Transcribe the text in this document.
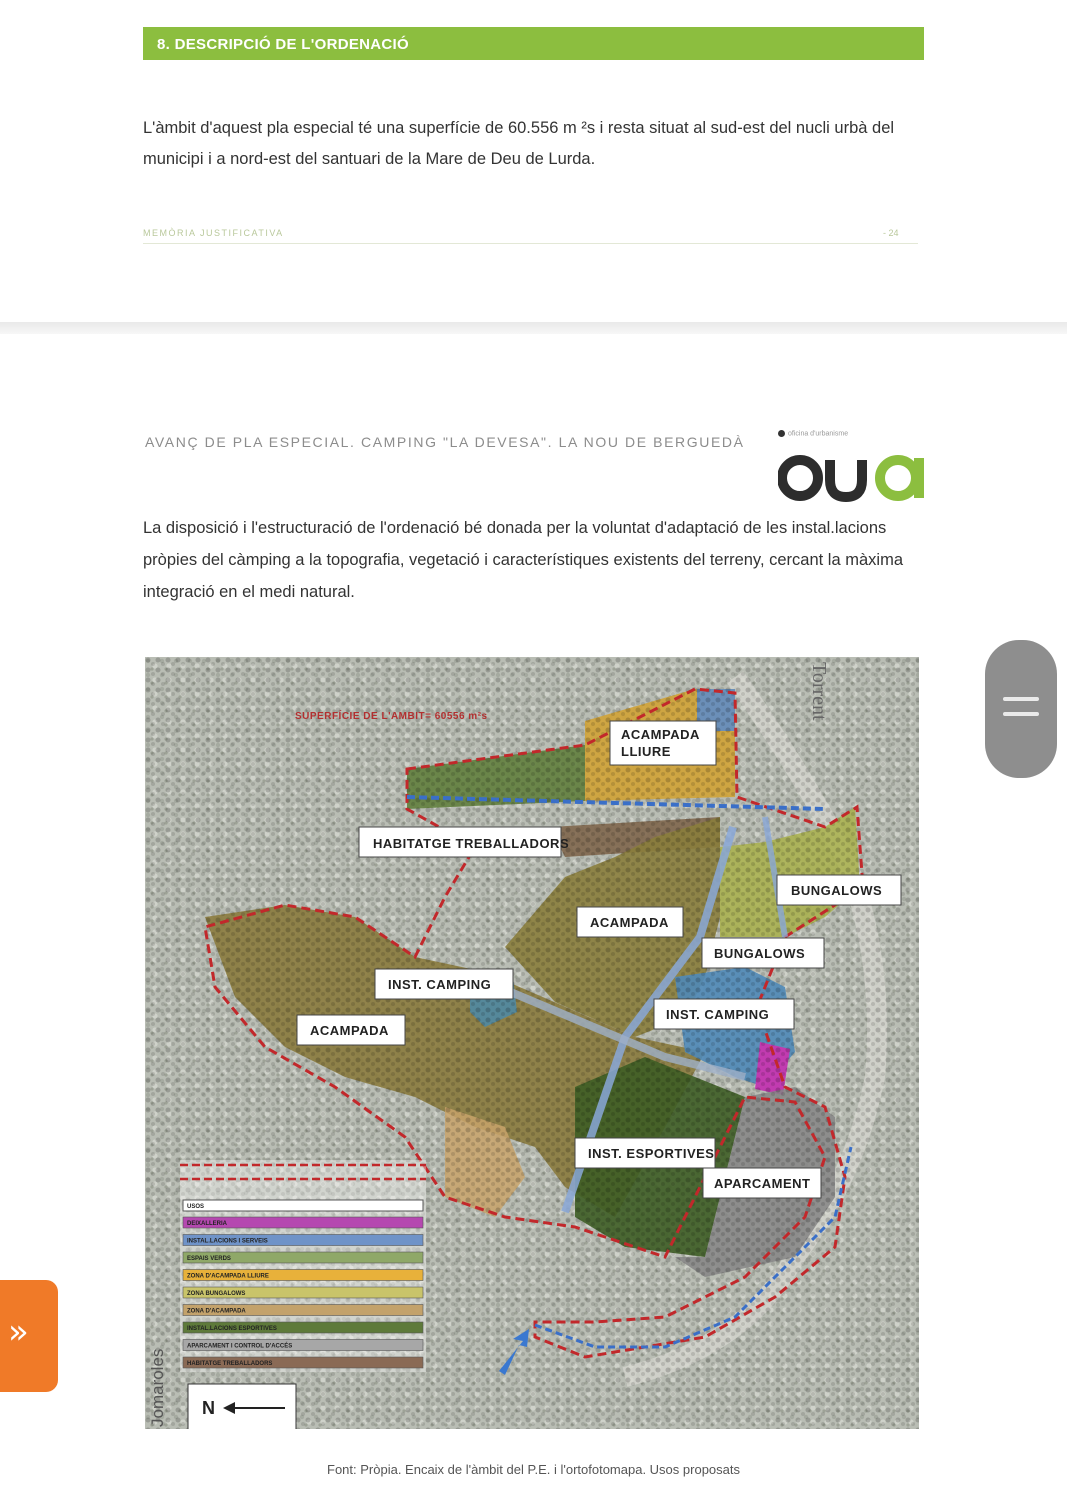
8. DESCRIPCIÓ DE L'ORDENACIÓ
L'àmbit d'aquest pla especial té una superfície de 60.556 m ²s i resta situat al sud-est del nucli urbà del municipi i a nord-est del santuari de la Mare de Deu de Lurda.
MEMÒRIA JUSTIFICATIVA	- 24
AVANÇ DE PLA ESPECIAL. CAMPING "LA DEVESA". LA NOU DE BERGUEDÀ
oficina d'urbanisme
La disposició i l'estructuració de l'ordenació bé donada per la voluntat d'adaptació de les instal.lacions pròpies del càmping a la topografia, vegetació i característiques existents del terreny, cercant la màxima integració en el medi natural.
SUPERFÍCIE DE L'AMBIT= 60556 m²s	Torrent
ACAMPADA
LLIURE
HABITATGE TREBALLADORS
BUNGALOWS
ACAMPADA
BUNGALOWS
INST. CAMPING
INST. CAMPING
ACAMPADA
INST. ESPORTIVES
APARCAMENT
USOS
DEIXALLERIA
INSTAL.LACIONS I SERVEIS
ESPAIS VERDS
ZONA D'ACAMPADA LLIURE
ZONA BUNGALOWS
ZONA D'ACAMPADA
INSTAL.LACIONS ESPORTIVES
APARCAMENT I CONTROL D'ACCÉS
HABITATGE TREBALLADORS
N
Jomaroles
Font: Pròpia. Encaix de l'àmbit del P.E. i l'ortofotomapa. Usos proposats
»
